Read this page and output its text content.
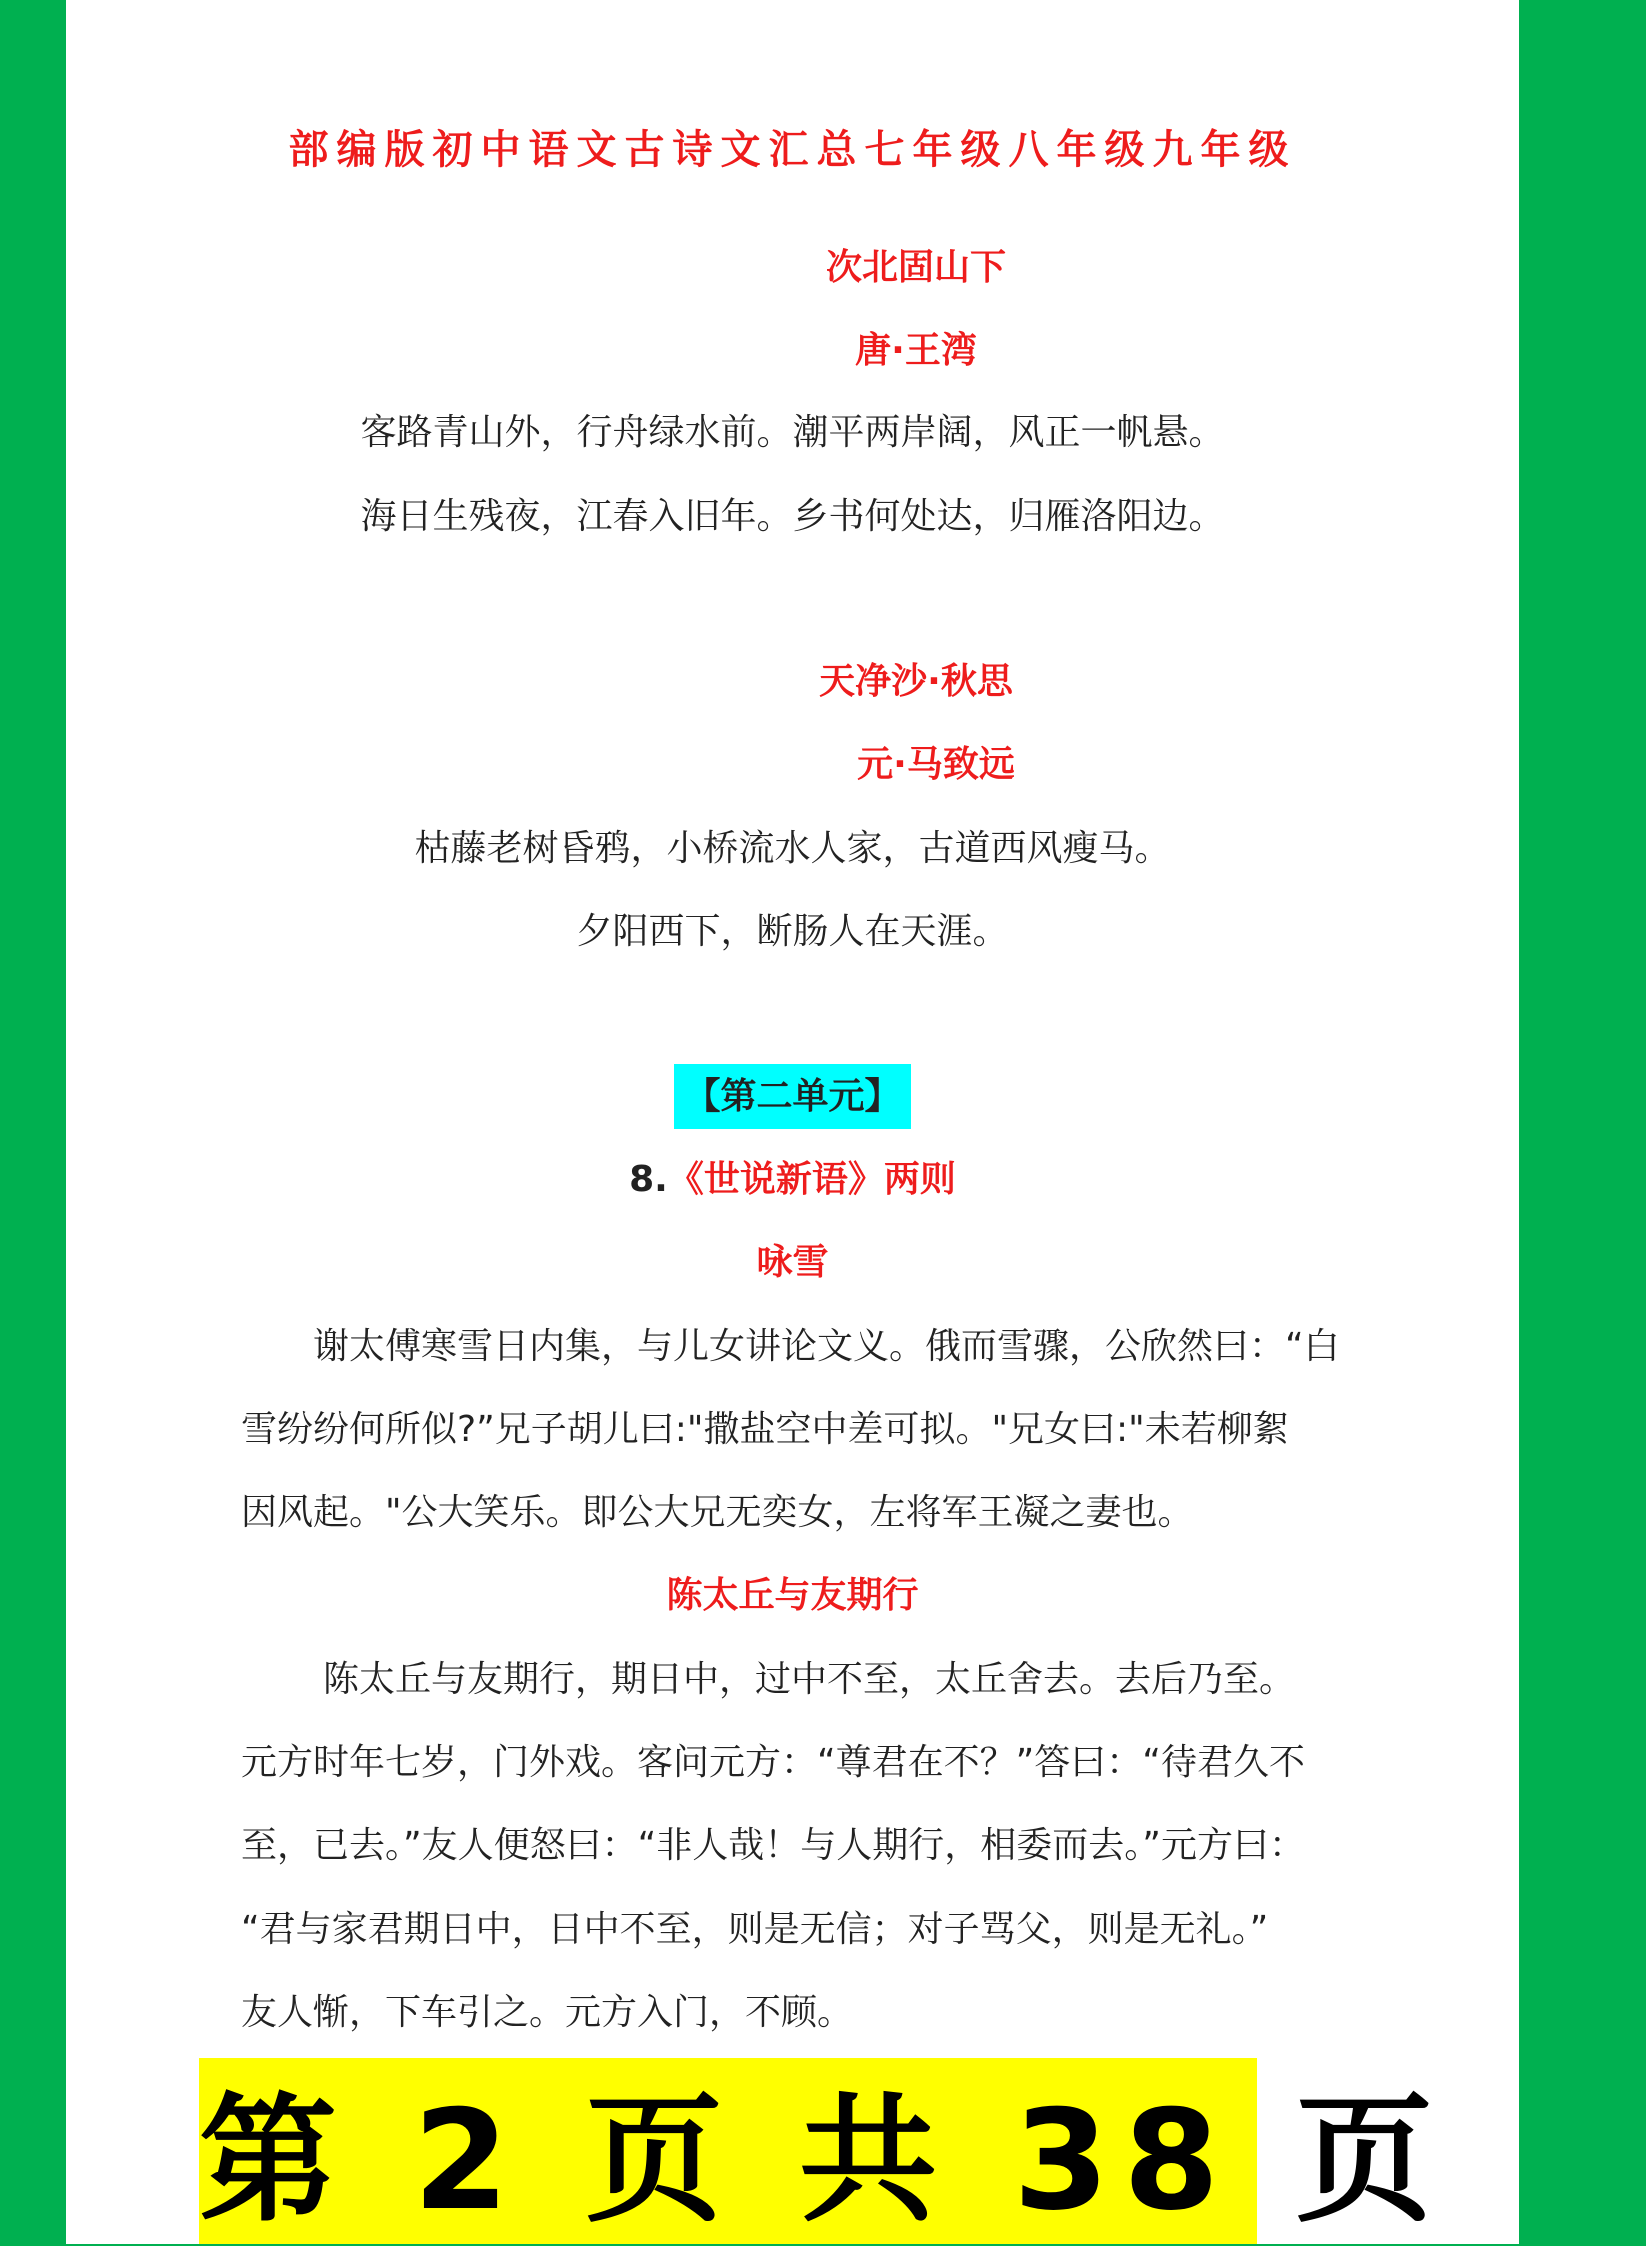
部编版初中语文古诗文汇总七年级八年级九年级
次北固山下
唐·王湾
客路青山外，行舟绿水前。潮平两岸阔，风正一帆悬。
海日生残夜，江春入旧年。乡书何处达，归雁洛阳边。
天净沙·秋思
元·马致远
枯藤老树昏鸦，小桥流水人家，古道西风瘦马。
夕阳西下，断肠人在天涯。
【第二单元】
8.《世说新语》两则
咏雪
　　谢太傅寒雪日内集，与儿女讲论文义。俄而雪骤，公欣然曰：“白
雪纷纷何所似?”兄子胡儿曰:"撒盐空中差可拟。"兄女曰:"未若柳絮
因风起。"公大笑乐。即公大兄无奕女，左将军王凝之妻也。
陈太丘与友期行
　　陈太丘与友期行，期日中，过中不至，太丘舍去。去后乃至。
元方时年七岁，门外戏。客问元方：“尊君在不？”答曰：“待君久不
至，已去。”友人便怒曰：“非人哉！与人期行，相委而去。”元方曰：
“君与家君期日中，日中不至，则是无信；对子骂父，则是无礼。”
友人惭，下车引之。元方入门，不顾。
第 2 页 共 38 页
